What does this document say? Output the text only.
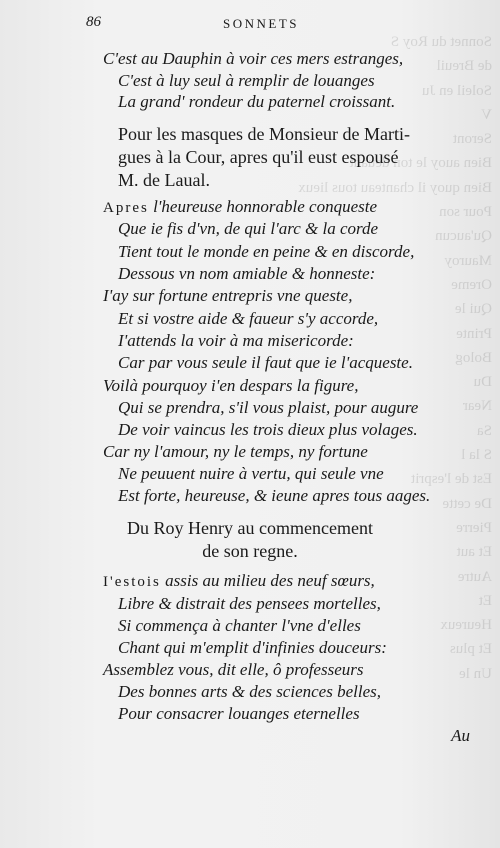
Sonnet du Roy S
de Breuil
Soleil en Ju
V
Seront
Bien auoy le ton deuant
Bien quoy il chanteau tous lieux
Pour son
Qu'aucun
Mauroy
Oreme
Qui le
Printe
Bolog
Du
Near
Sa
S la l
Est de l'esprit
De cette
Pierre
Et aut
Autre
Et
Heureux
Et plus
Un le
86	SONNETS
C'est au Dauphin à voir ces mers estranges,
C'est à luy seul à remplir de louanges
La grand' rondeur du paternel croissant.
Pour les masques de Monsieur de Marti-
gues à la Cour, apres qu'il eust espousé
M. de Laual.
Apres l'heureuse honnorable conqueste
Que ie fis d'vn, de qui l'arc & la corde
Tient tout le monde en peine & en discorde,
Dessous vn nom amiable & honneste:
I'ay sur fortune entrepris vne queste,
Et si vostre aide & faueur s'y accorde,
I'attends la voir à ma misericorde:
Car par vous seule il faut que ie l'acqueste.
Voilà pourquoy i'en despars la figure,
Qui se prendra, s'il vous plaist, pour augure
De voir vaincus les trois dieux plus volages.
Car ny l'amour, ny le temps, ny fortune
Ne peuuent nuire à vertu, qui seule vne
Est forte, heureuse, & ieune apres tous aages.
Du Roy Henry au commencement
de son regne.
I'estois assis au milieu des neuf sœurs,
Libre & distrait des pensees mortelles,
Si commença à chanter l'vne d'elles
Chant qui m'emplit d'infinies douceurs:
Assemblez vous, dit elle, ô professeurs
Des bonnes arts & des sciences belles,
Pour consacrer louanges eternelles
Au
